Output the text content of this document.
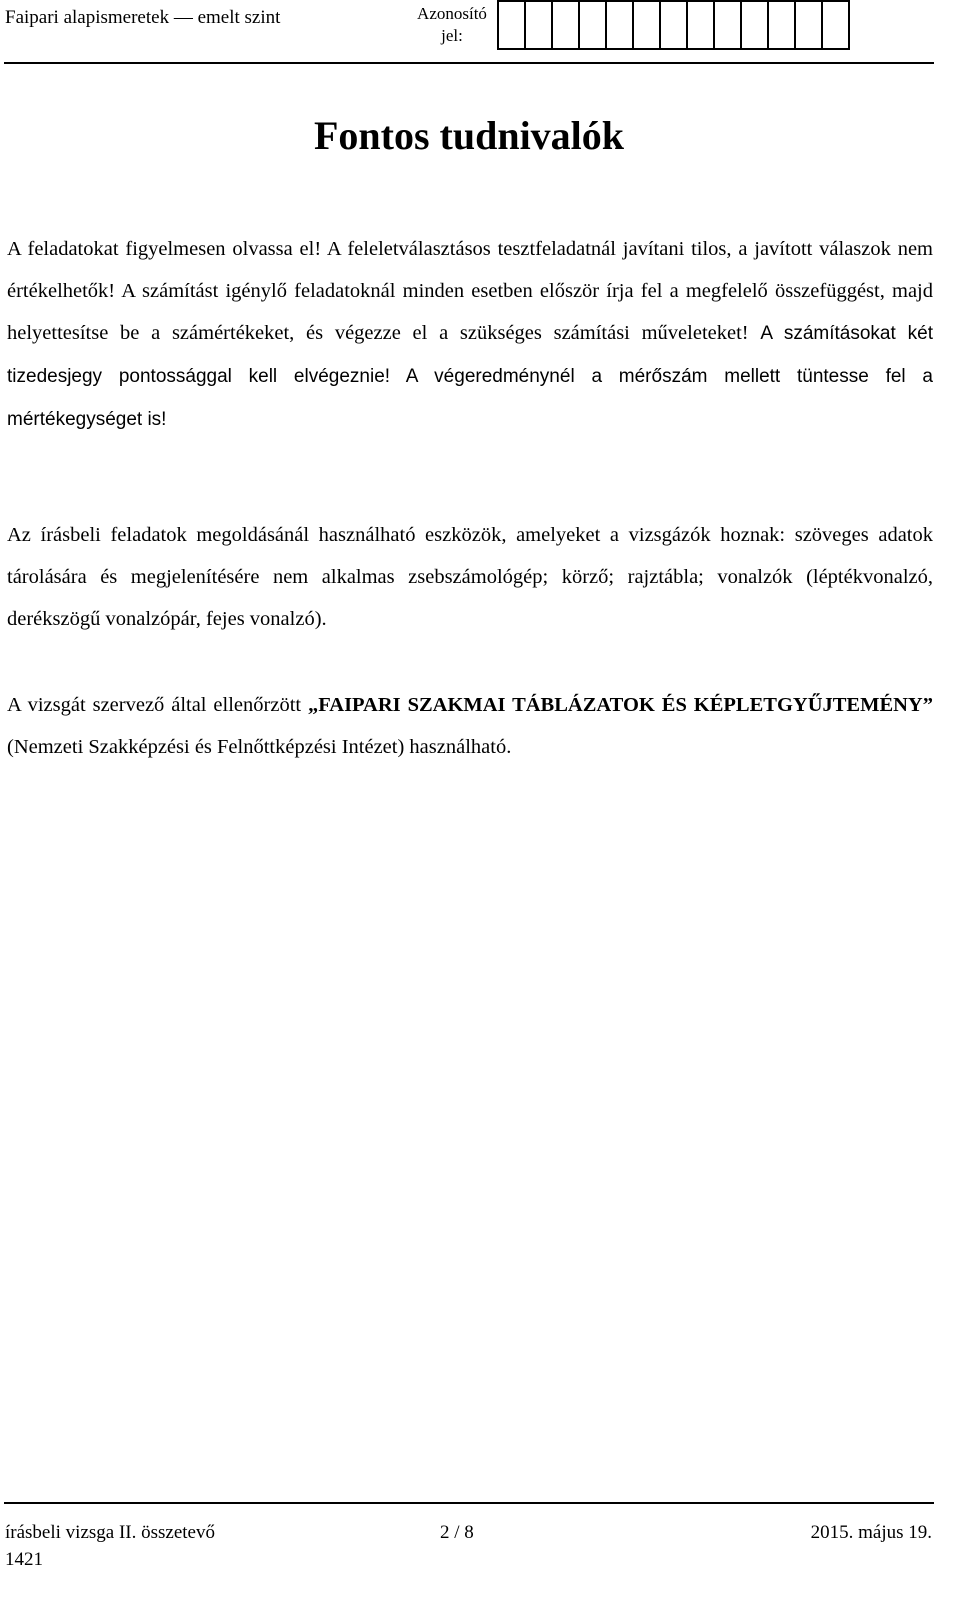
Faipari alapismeretek — emelt szint	Azonosító jel:
Fontos tudnivalók

A feladatokat figyelmesen olvassa el! A feleletválasztásos tesztfeladatnál javítani tilos, a javított válaszok nem értékelhetők! A számítást igénylő feladatoknál minden esetben először írja fel a megfelelő összefüggést, majd helyettesítse be a számértékeket, és végezze el a szükséges számítási műveleteket! A számításokat két tizedesjegy pontossággal kell elvégeznie! A végeredménynél a mérőszám mellett tüntesse fel a mértékegységet is!

Az írásbeli feladatok megoldásánál használható eszközök, amelyeket a vizsgázók hoznak: szöveges adatok tárolására és megjelenítésére nem alkalmas zsebszámológép; körző; rajztábla; vonalzók (léptékvonalzó, derékszögű vonalzópár, fejes vonalzó).

A vizsgát szervező által ellenőrzött „FAIPARI SZAKMAI TÁBLÁZATOK ÉS KÉPLETGYŰJTEMÉNY” (Nemzeti Szakképzési és Felnőttképzési Intézet) használható.

írásbeli vizsga II. összetevő	2 / 8	2015. május 19.
1421
